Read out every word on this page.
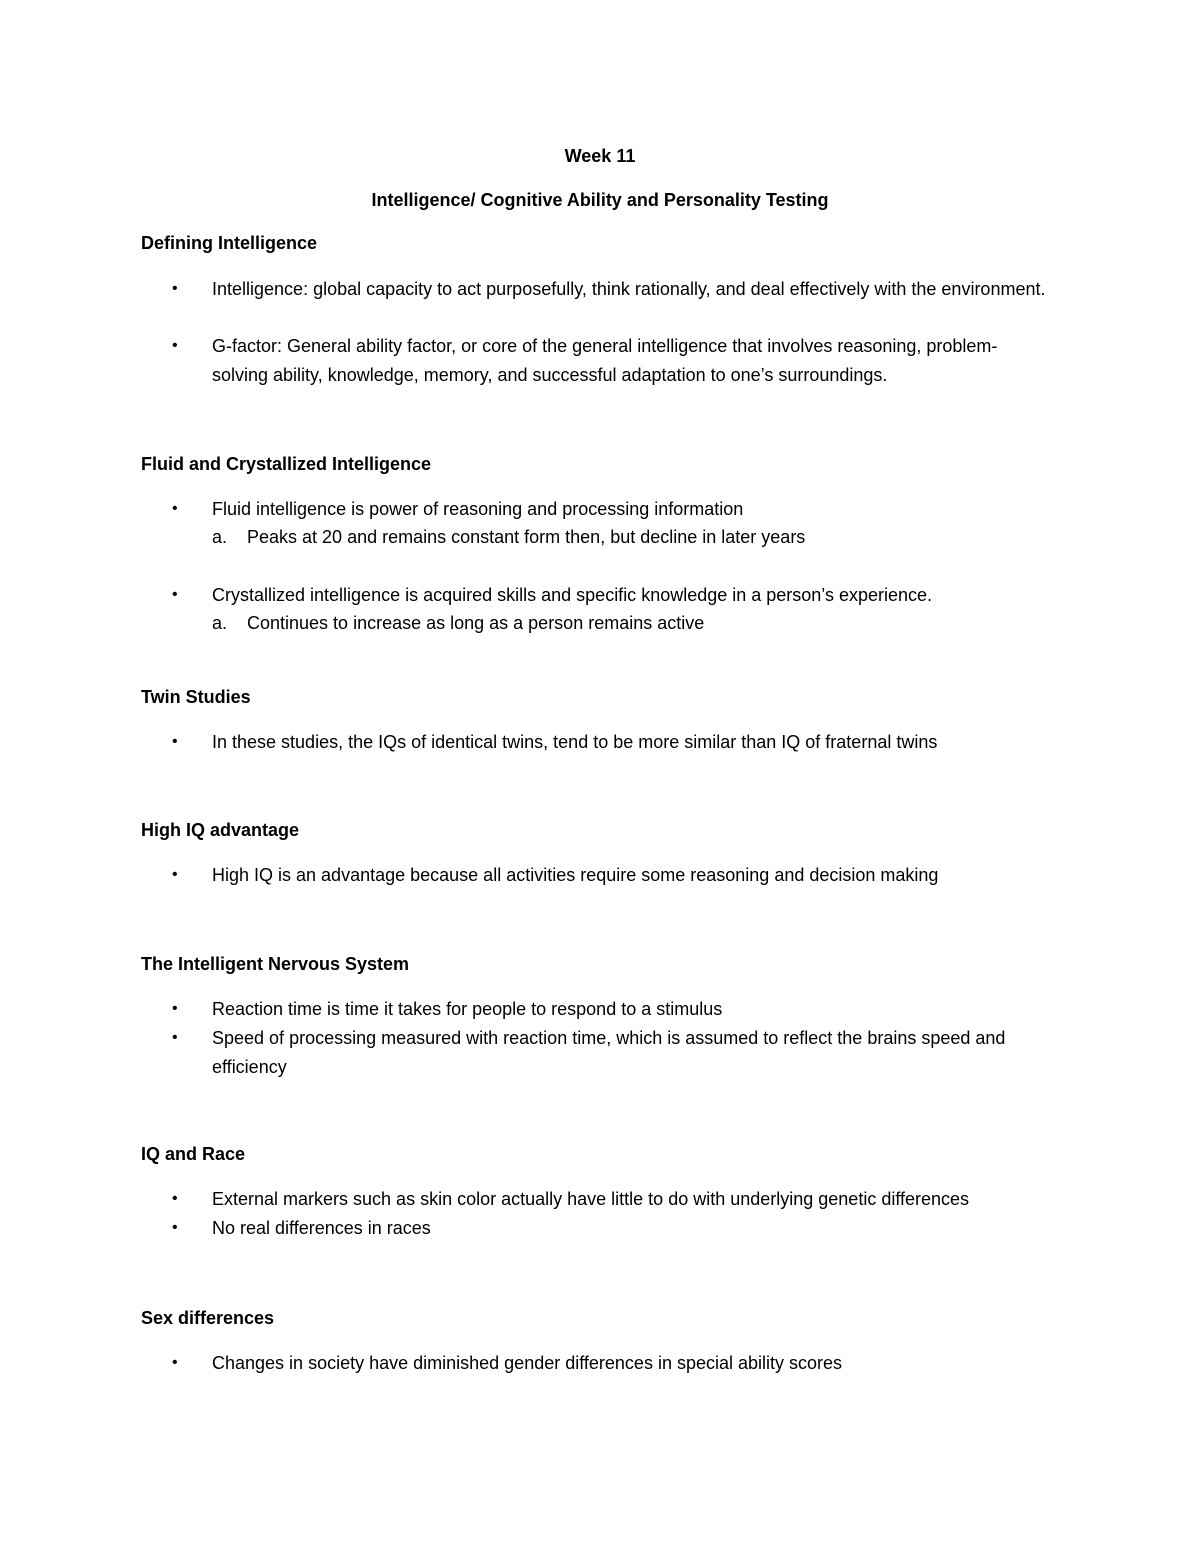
Week 11
Intelligence/ Cognitive Ability and Personality Testing
Defining Intelligence
•	Intelligence: global capacity to act purposefully, think rationally, and deal effectively with the environment.
•	G-factor: General ability factor, or core of the general intelligence that involves reasoning, problem-solving ability, knowledge, memory, and successful adaptation to one’s surroundings.
Fluid and Crystallized Intelligence
•	Fluid intelligence is power of reasoning and processing information
a. Peaks at 20 and remains constant form then, but decline in later years
•	Crystallized intelligence is acquired skills and specific knowledge in a person’s experience.
a. Continues to increase as long as a person remains active
Twin Studies
•	In these studies, the IQs of identical twins, tend to be more similar than IQ of fraternal twins
High IQ advantage
•	High IQ is an advantage because all activities require some reasoning and decision making
The Intelligent Nervous System
•	Reaction time is time it takes for people to respond to a stimulus
•	Speed of processing measured with reaction time, which is assumed to reflect the brains speed and efficiency
IQ and Race
•	External markers such as skin color actually have little to do with underlying genetic differences
•	No real differences in races
Sex differences
•	Changes in society have diminished gender differences in special ability scores
